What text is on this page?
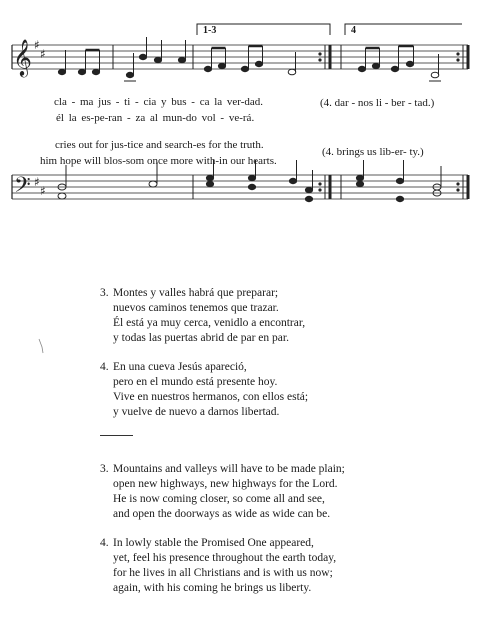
𝄞
𝄢
♯
♯
♯
♯
1-3	4
cla - ma jus - ti - cia y bus - ca la ver-dad.	(4. dar - nos li - ber - tad.)
él la es-pe-ran - za al mun-do vol - ve-rá.
cries out for jus-tice and search-es for the truth.
(4. brings us lib-er- ty.)
him hope will blos-som once more with-in our hearts.
3. Montes y valles habrá que preparar;
nuevos caminos tenemos que trazar.
Él está ya muy cerca, venidlo a encontrar,
y todas las puertas abrid de par en par.
4. En una cueva Jesús apareció,
pero en el mundo está presente hoy.
Vive en nuestros hermanos, con ellos está;
y vuelve de nuevo a darnos libertad.
3. Mountains and valleys will have to be made plain;
open new highways, new highways for the Lord.
He is now coming closer, so come all and see,
and open the doorways as wide as wide can be.
4. In lowly stable the Promised One appeared,
yet, feel his presence throughout the earth today,
for he lives in all Christians and is with us now;
again, with his coming he brings us liberty.
